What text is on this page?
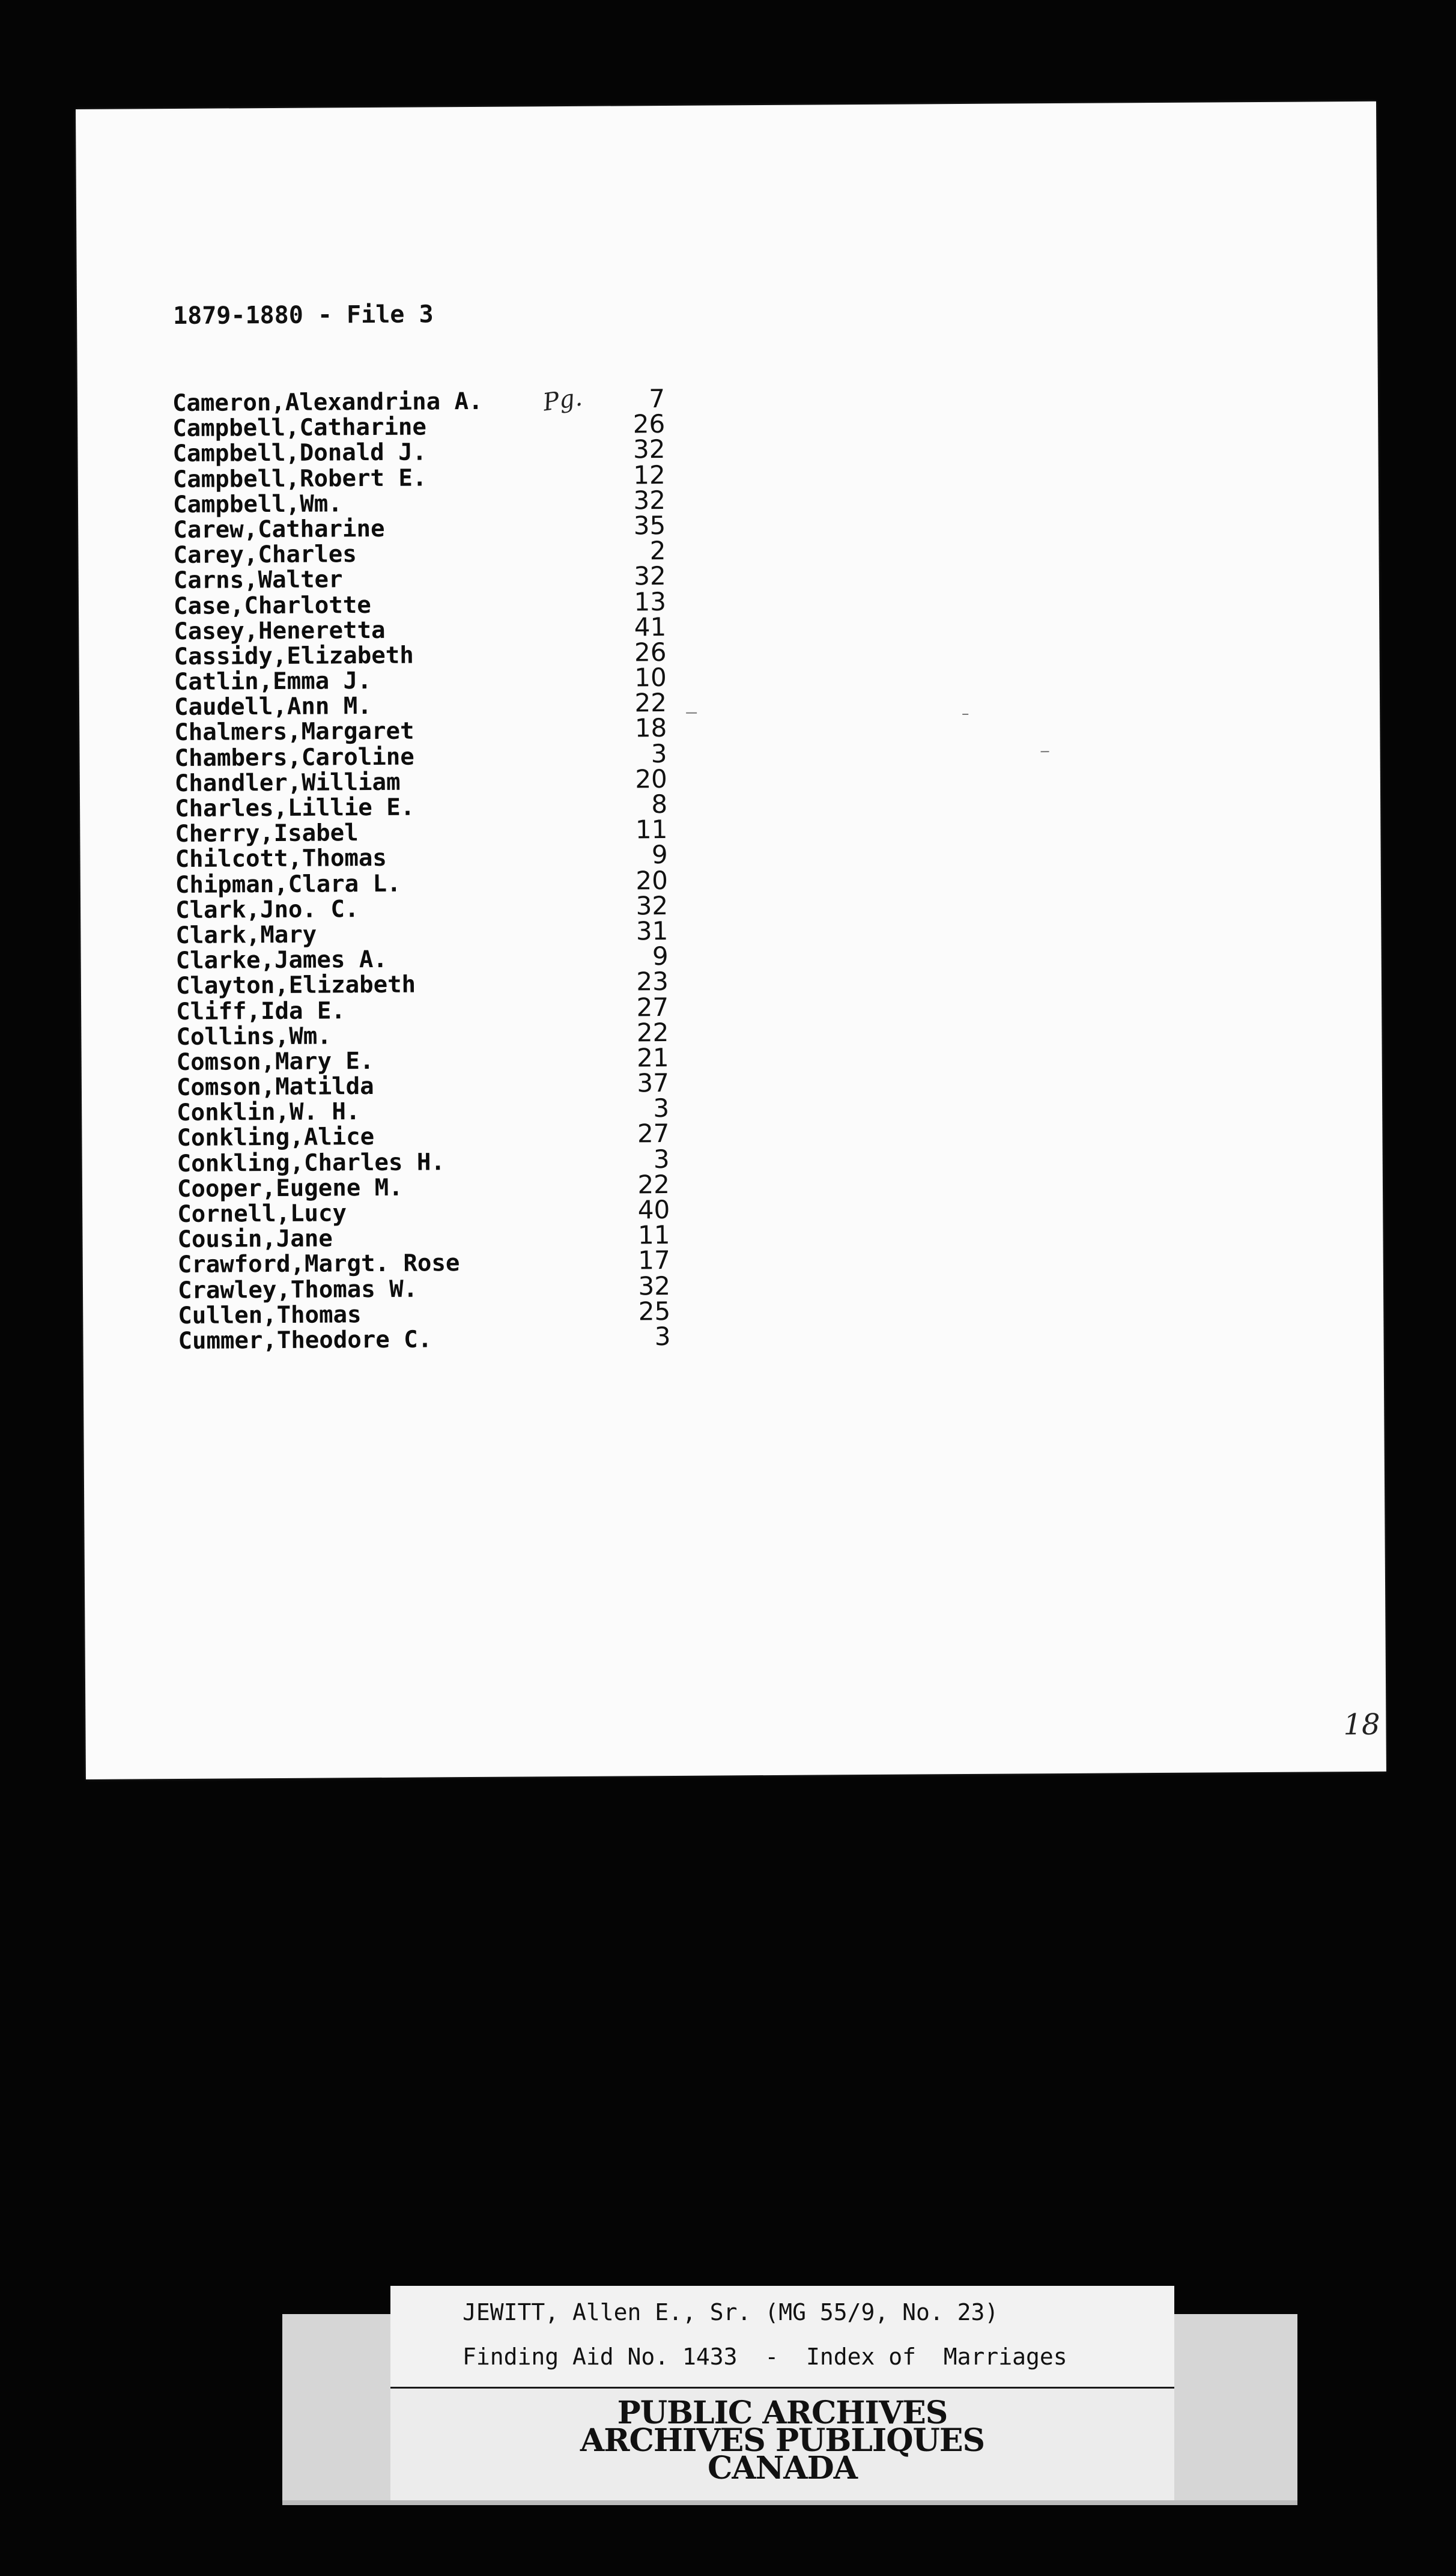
1879-1880 - File 3
Pg.
Cameron,Alexandrina A.	7
Campbell,Catharine	26
Campbell,Donald J.	32
Campbell,Robert E.	12
Campbell,Wm.	32
Carew,Catharine	35
Carey,Charles	2
Carns,Walter	32
Case,Charlotte	13
Casey,Heneretta	41
Cassidy,Elizabeth	26
Catlin,Emma J.	10
Caudell,Ann M.	22
Chalmers,Margaret	18
Chambers,Caroline	3
Chandler,William	20
Charles,Lillie E.	8
Cherry,Isabel	11
Chilcott,Thomas	9
Chipman,Clara L.	20
Clark,Jno. C.	32
Clark,Mary	31
Clarke,James A.	9
Clayton,Elizabeth	23
Cliff,Ida E.	27
Collins,Wm.	22
Comson,Mary E.	21
Comson,Matilda	37
Conklin,W. H.	3
Conkling,Alice	27
Conkling,Charles H.	3
Cooper,Eugene M.	22
Cornell,Lucy	40
Cousin,Jane	11
Crawford,Margt. Rose	17
Crawley,Thomas W.	32
Cullen,Thomas	25
Cummer,Theodore C.	3
18
JEWITT, Allen E., Sr. (MG 55/9, No. 23)
Finding Aid No. 1433  -  Index of  Marriages
PUBLIC ARCHIVES
ARCHIVES PUBLIQUES
CANADA
